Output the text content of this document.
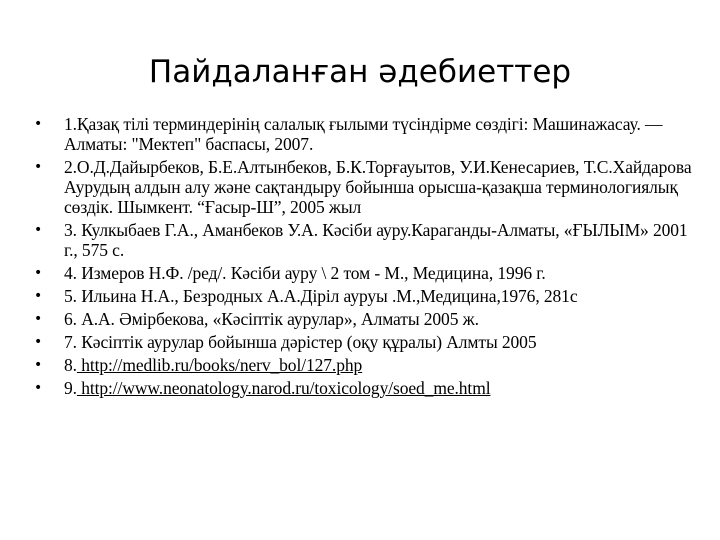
Пайдаланған әдебиеттер
•	1.Қазақ тілі терминдерінің салалық ғылыми түсіндірме сөздігі: Машинажасау. — Алматы: "Мектеп" баспасы, 2007.
•	2.О.Д.Дайырбеков, Б.Е.Алтынбеков, Б.К.Торғауытов, У.И.Кенесариев, Т.С.Хайдарова Аурудың алдын алу және сақтандыру бойынша орысша-қазақша терминологиялық сөздік. Шымкент. “Ғасыр-Ш”, 2005 жыл
•	3. Кулкыбаев Г.А., Аманбеков У.А. Кәсіби ауру.Караганды-Алматы, «ҒЫЛЫМ» 2001 г., 575 с.
•	4. Измеров Н.Ф. /ред/. Кәсіби ауру \ 2 том - М., Медицина, 1996 г.
•	5. Ильина Н.А., Безродных А.А.Діріл ауруы .М.,Медицина,1976, 281с
•	6. А.А. Әмірбекова, «Кәсіптік аурулар», Алматы 2005 ж.
•	7. Кәсіптік аурулар бойынша дәрістер (оқу құралы) Алмты 2005
•	8. http://medlib.ru/books/nerv_bol/127.php
•	9. http://www.neonatology.narod.ru/toxicology/soed_me.html
